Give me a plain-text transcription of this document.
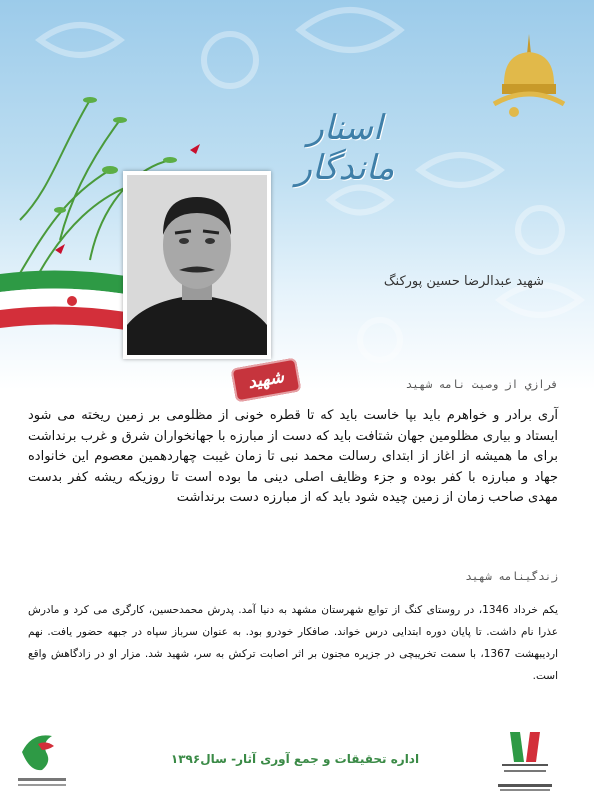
اسنار ماندگار
شهید
شهید عبدالرضا حسین پورکنگ
فرازي از وصيت نامه شهيد
آری برادر و خواهرم باید بپا خاست باید که تا قطره خونی از مظلومی بر زمین ریخته می شود ایستاد و بیاری مظلومین جهان شتافت باید که دست از مبارزه با جهانخواران شرق و غرب برنداشت برای ما همیشه از اغاز از ابتدای رسالت محمد نبی تا زمان غیبت چهاردهمین معصوم این خانواده جهاد و مبارزه با کفر بوده و جزء وظایف اصلی دینی ما بوده است تا روزیکه ریشه کفر بدست مهدی صاحب زمان از زمین چیده شود باید که از مبارزه دست برنداشت
زندگینامه شهید
یکم خرداد 1346، در روستای کنگ از توابع شهرستان مشهد به دنیا آمد. پدرش محمدحسین، کارگری می کرد و مادرش عذرا نام داشت. تا پایان دوره ابتدایی درس خواند. صافکار خودرو بود. به عنوان سرباز سپاه در جبهه حضور یافت. نهم اردیبهشت 1367، با سمت تخریبچی در جزیره مجنون بر اثر اصابت ترکش به سر، شهید شد. مزار او در زادگاهش واقع است.
اداره تحقیقات و جمع آوری آثار- سال۱۳۹۶
